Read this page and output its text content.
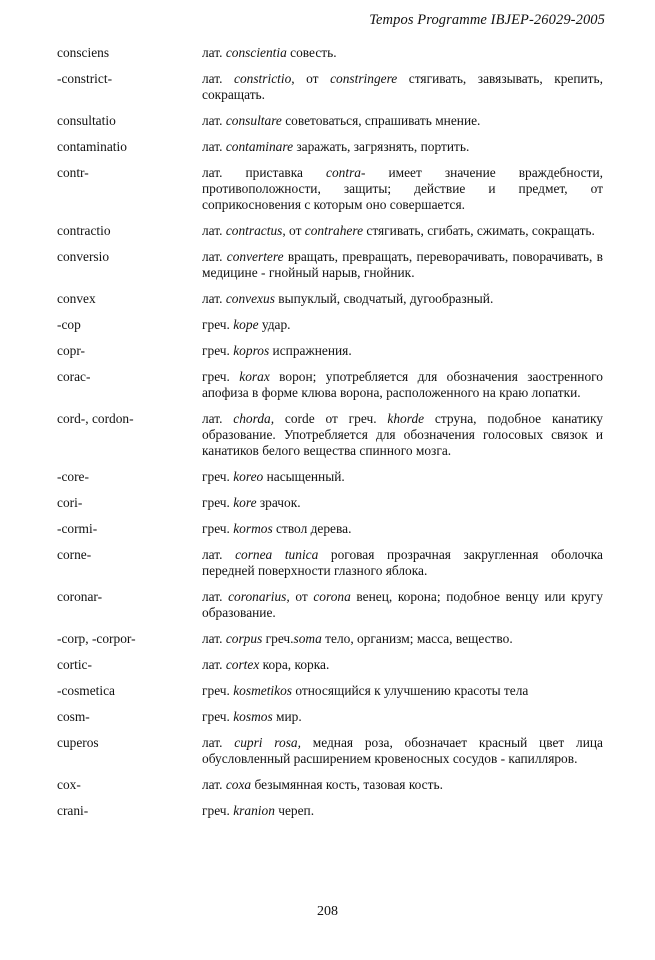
Tempos Programme IBJEP-26029-2005
consciens	лат. conscientia совесть.
-constrict-	лат. constrictio, от constringere стягивать, завязывать, крепить, сокращать.
consultatio	лат. consultare советоваться, спрашивать мнение.
contaminatio	лат. contaminare заражать, загрязнять, портить.
contr-	лат. приставка contra- имеет значение враждебности, противоположности, защиты; действие и предмет, от соприкосновения с которым оно совершается.
contractio	лат. contractus, от contrahere стягивать, сгибать, сжимать, сокращать.
conversio	лат. convertere вращать, превращать, переворачивать, поворачивать, в медицине - гнойный нарыв, гнойник.
convex	лат. convexus выпуклый, сводчатый, дугообразный.
-cop	греч. kope удар.
copr-	греч. kopros испражнения.
corac-	греч. korax ворон; употребляется для обозначения заостренного апофиза в форме клюва ворона, расположенного на краю лопатки.
cord-, cordon-	лат. chorda, corde от греч. khorde струна, подобное канатику образование. Употребляется для обозначения голосовых связок и канатиков белого вещества спинного мозга.
-core-	греч. koreo насыщенный.
cori-	греч. kore зрачок.
-cormi-	греч. kormos ствол дерева.
corne-	лат. cornea tunica роговая прозрачная закругленная оболочка передней поверхности глазного яблока.
coronar-	лат. coronarius, от corona венец, корона; подобное венцу или кругу образование.
-corp, -corpor-	лат. corpus греч.soma тело, организм; масса, вещество.
cortic-	лат. cortex кора, корка.
-cosmetica	греч. kosmetikos относящийся к улучшению красоты тела
cosm-	греч. kosmos мир.
cuperos	лат. cupri rosa, медная роза, обозначает красный цвет лица обусловленный расширением кровеносных сосудов - капилляров.
cox-	лат. coxa безымянная кость, тазовая кость.
crani-	греч. kranion череп.
208
